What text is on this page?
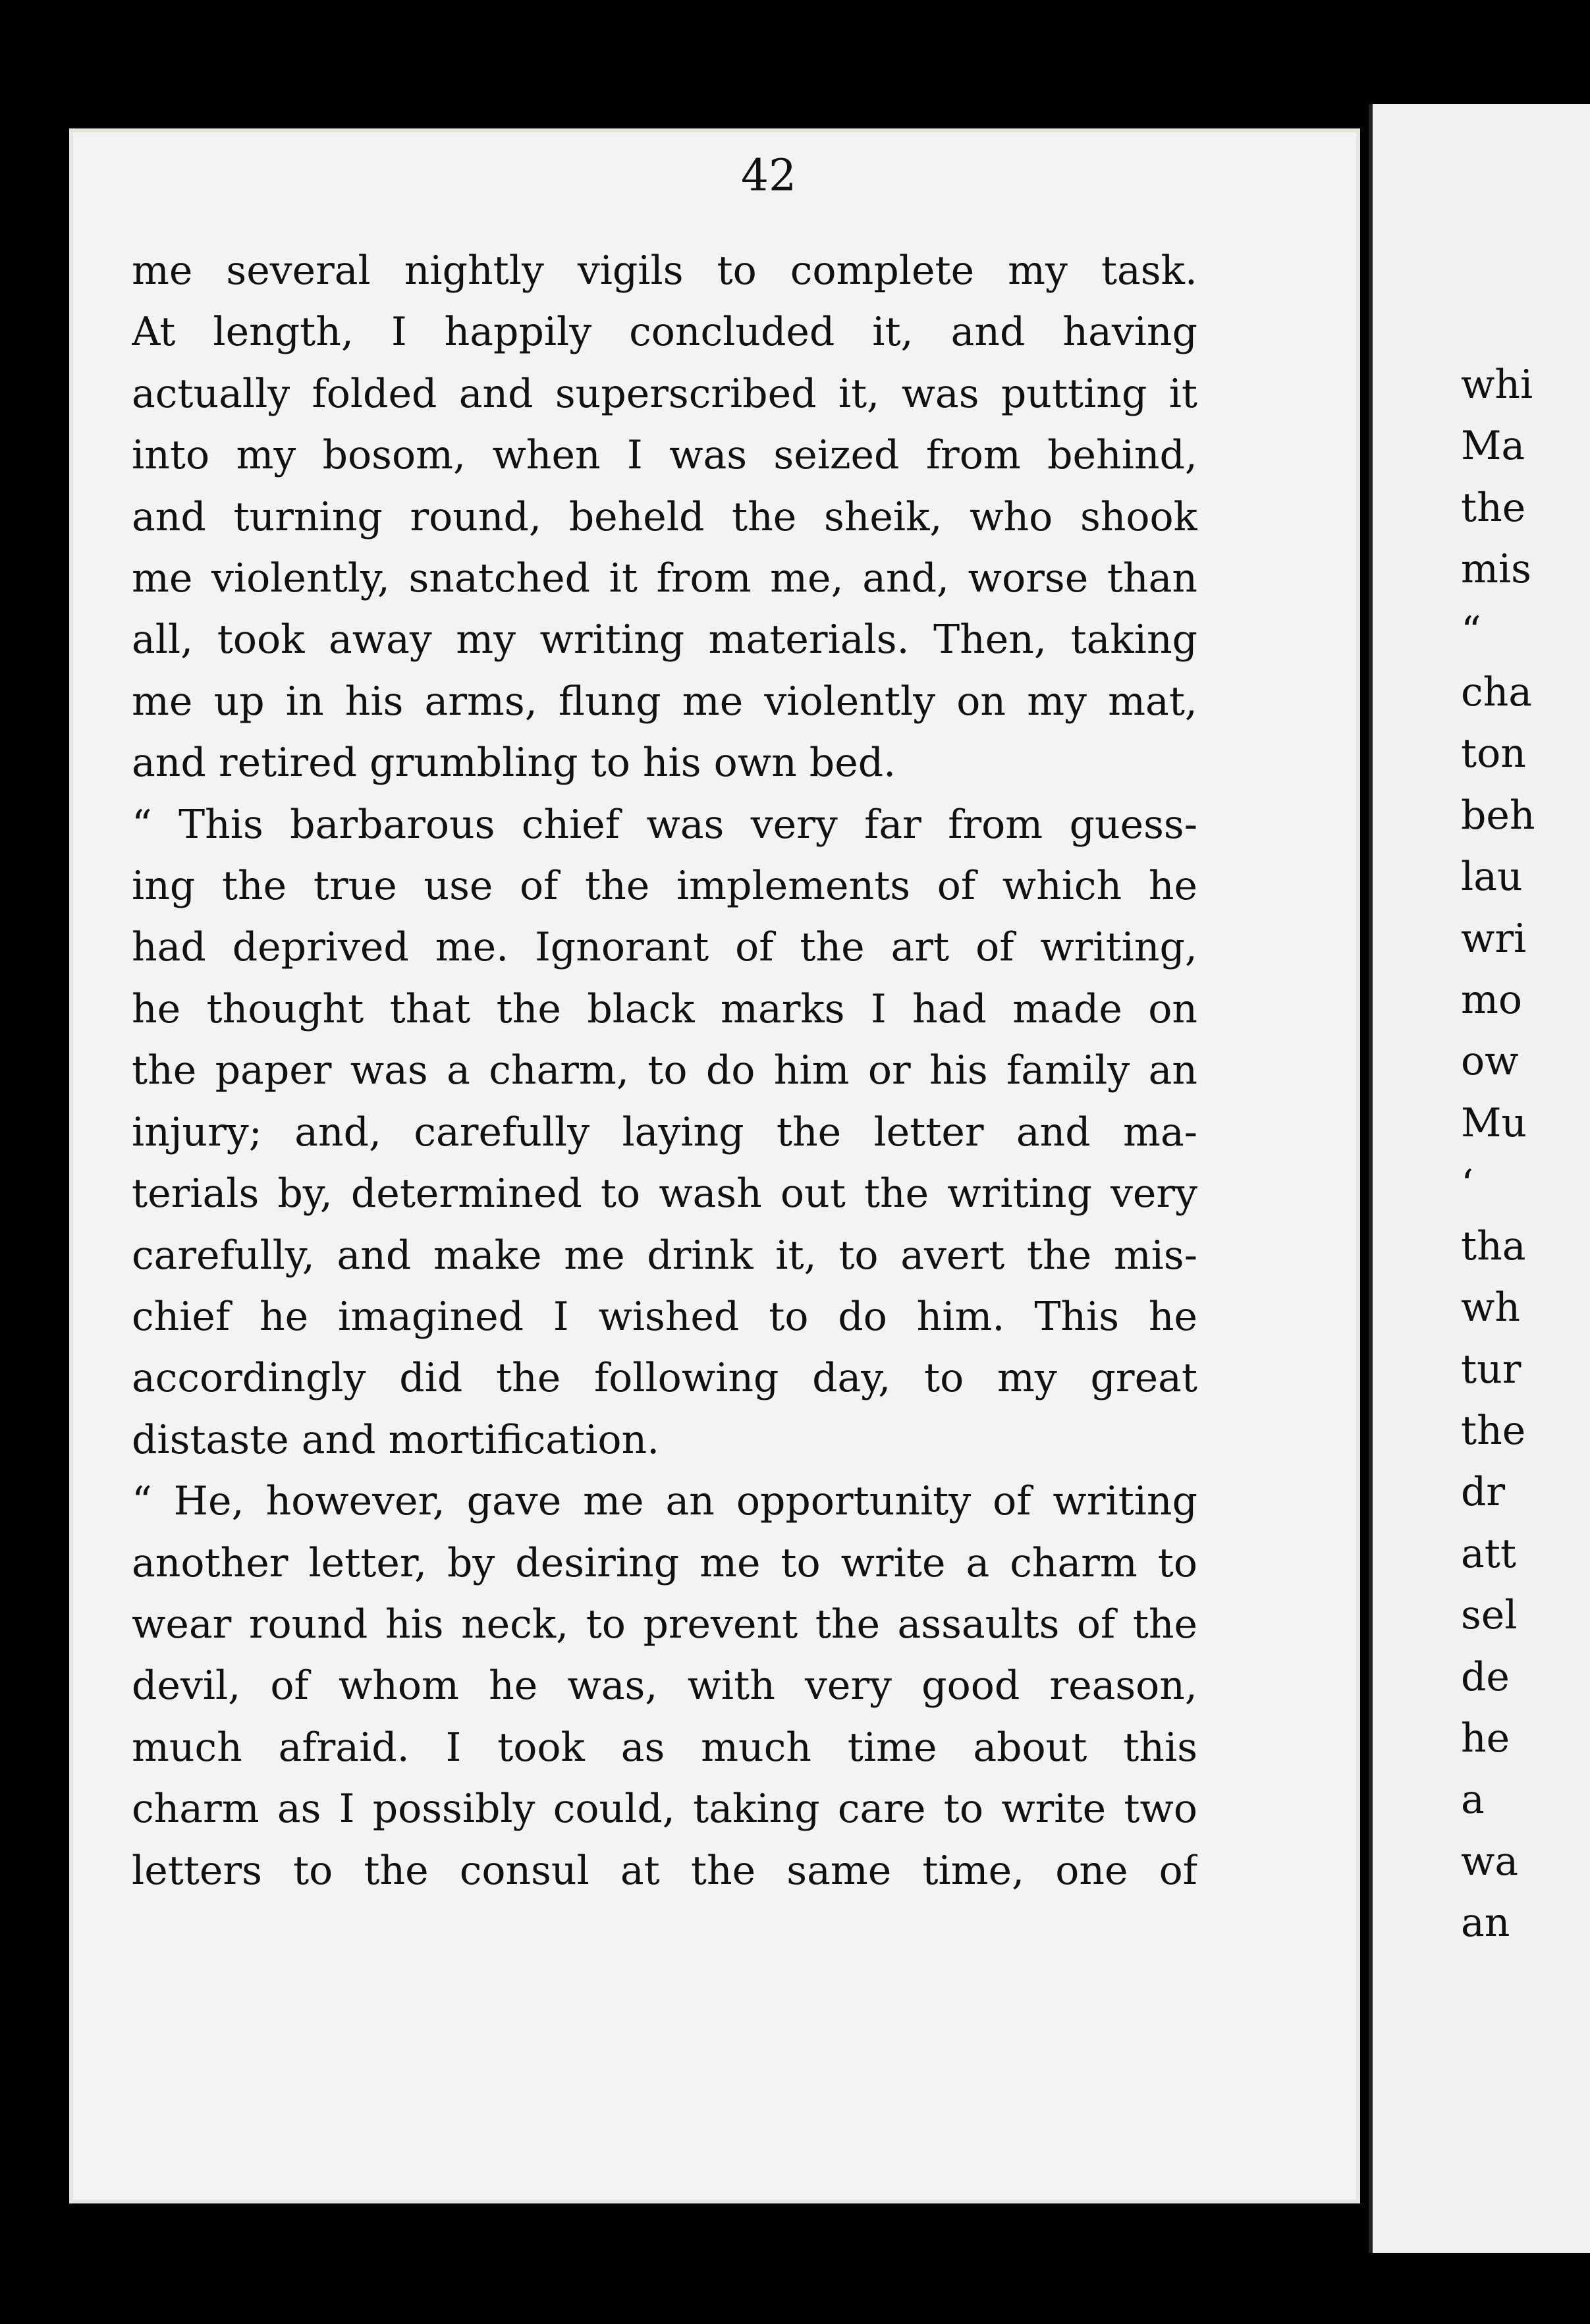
42
me several nightly vigils to complete my task.
At length, I happily concluded it, and having
actually folded and superscribed it, was putting it
into my bosom, when I was seized from behind,
and turning round, beheld the sheik, who shook
me violently, snatched it from me, and, worse than
all, took away my writing materials. Then, taking
me up in his arms, flung me violently on my mat,
and retired grumbling to his own bed.
“ This barbarous chief was very far from guess-
ing the true use of the implements of which he
had deprived me. Ignorant of the art of writing,
he thought that the black marks I had made on
the paper was a charm, to do him or his family an
injury; and, carefully laying the letter and ma-
terials by, determined to wash out the writing very
carefully, and make me drink it, to avert the mis-
chief he imagined I wished to do him. This he
accordingly did the following day, to my great
distaste and mortification.
“ He, however, gave me an opportunity of writing
another letter, by desiring me to write a charm to
wear round his neck, to prevent the assaults of the
devil, of whom he was, with very good reason,
much afraid. I took as much time about this
charm as I possibly could, taking care to write two
letters to the consul at the same time, one of
whi
Ma
the
mis
“
cha
ton
beh
lau
wri
mo
ow
Mu
‘
tha
wh
tur
the
dr
att
sel
de
he
a
wa
an
